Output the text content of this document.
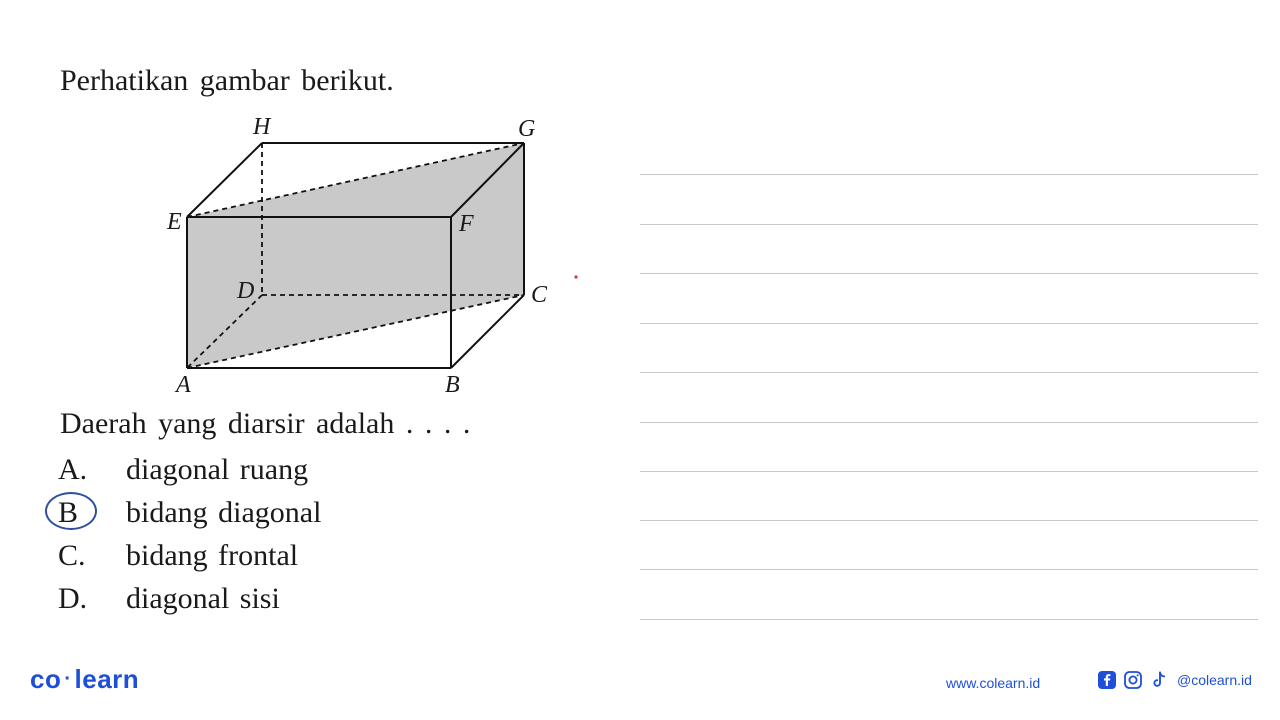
Perhatikan gambar berikut.
H	G
E	F
D	C
A	B
Daerah yang diarsir adalah . . . .
A.	diagonal ruang
B	bidang diagonal
C.	bidang frontal
D.	diagonal sisi
co · learn	www.colearn.id	@colearn.id
